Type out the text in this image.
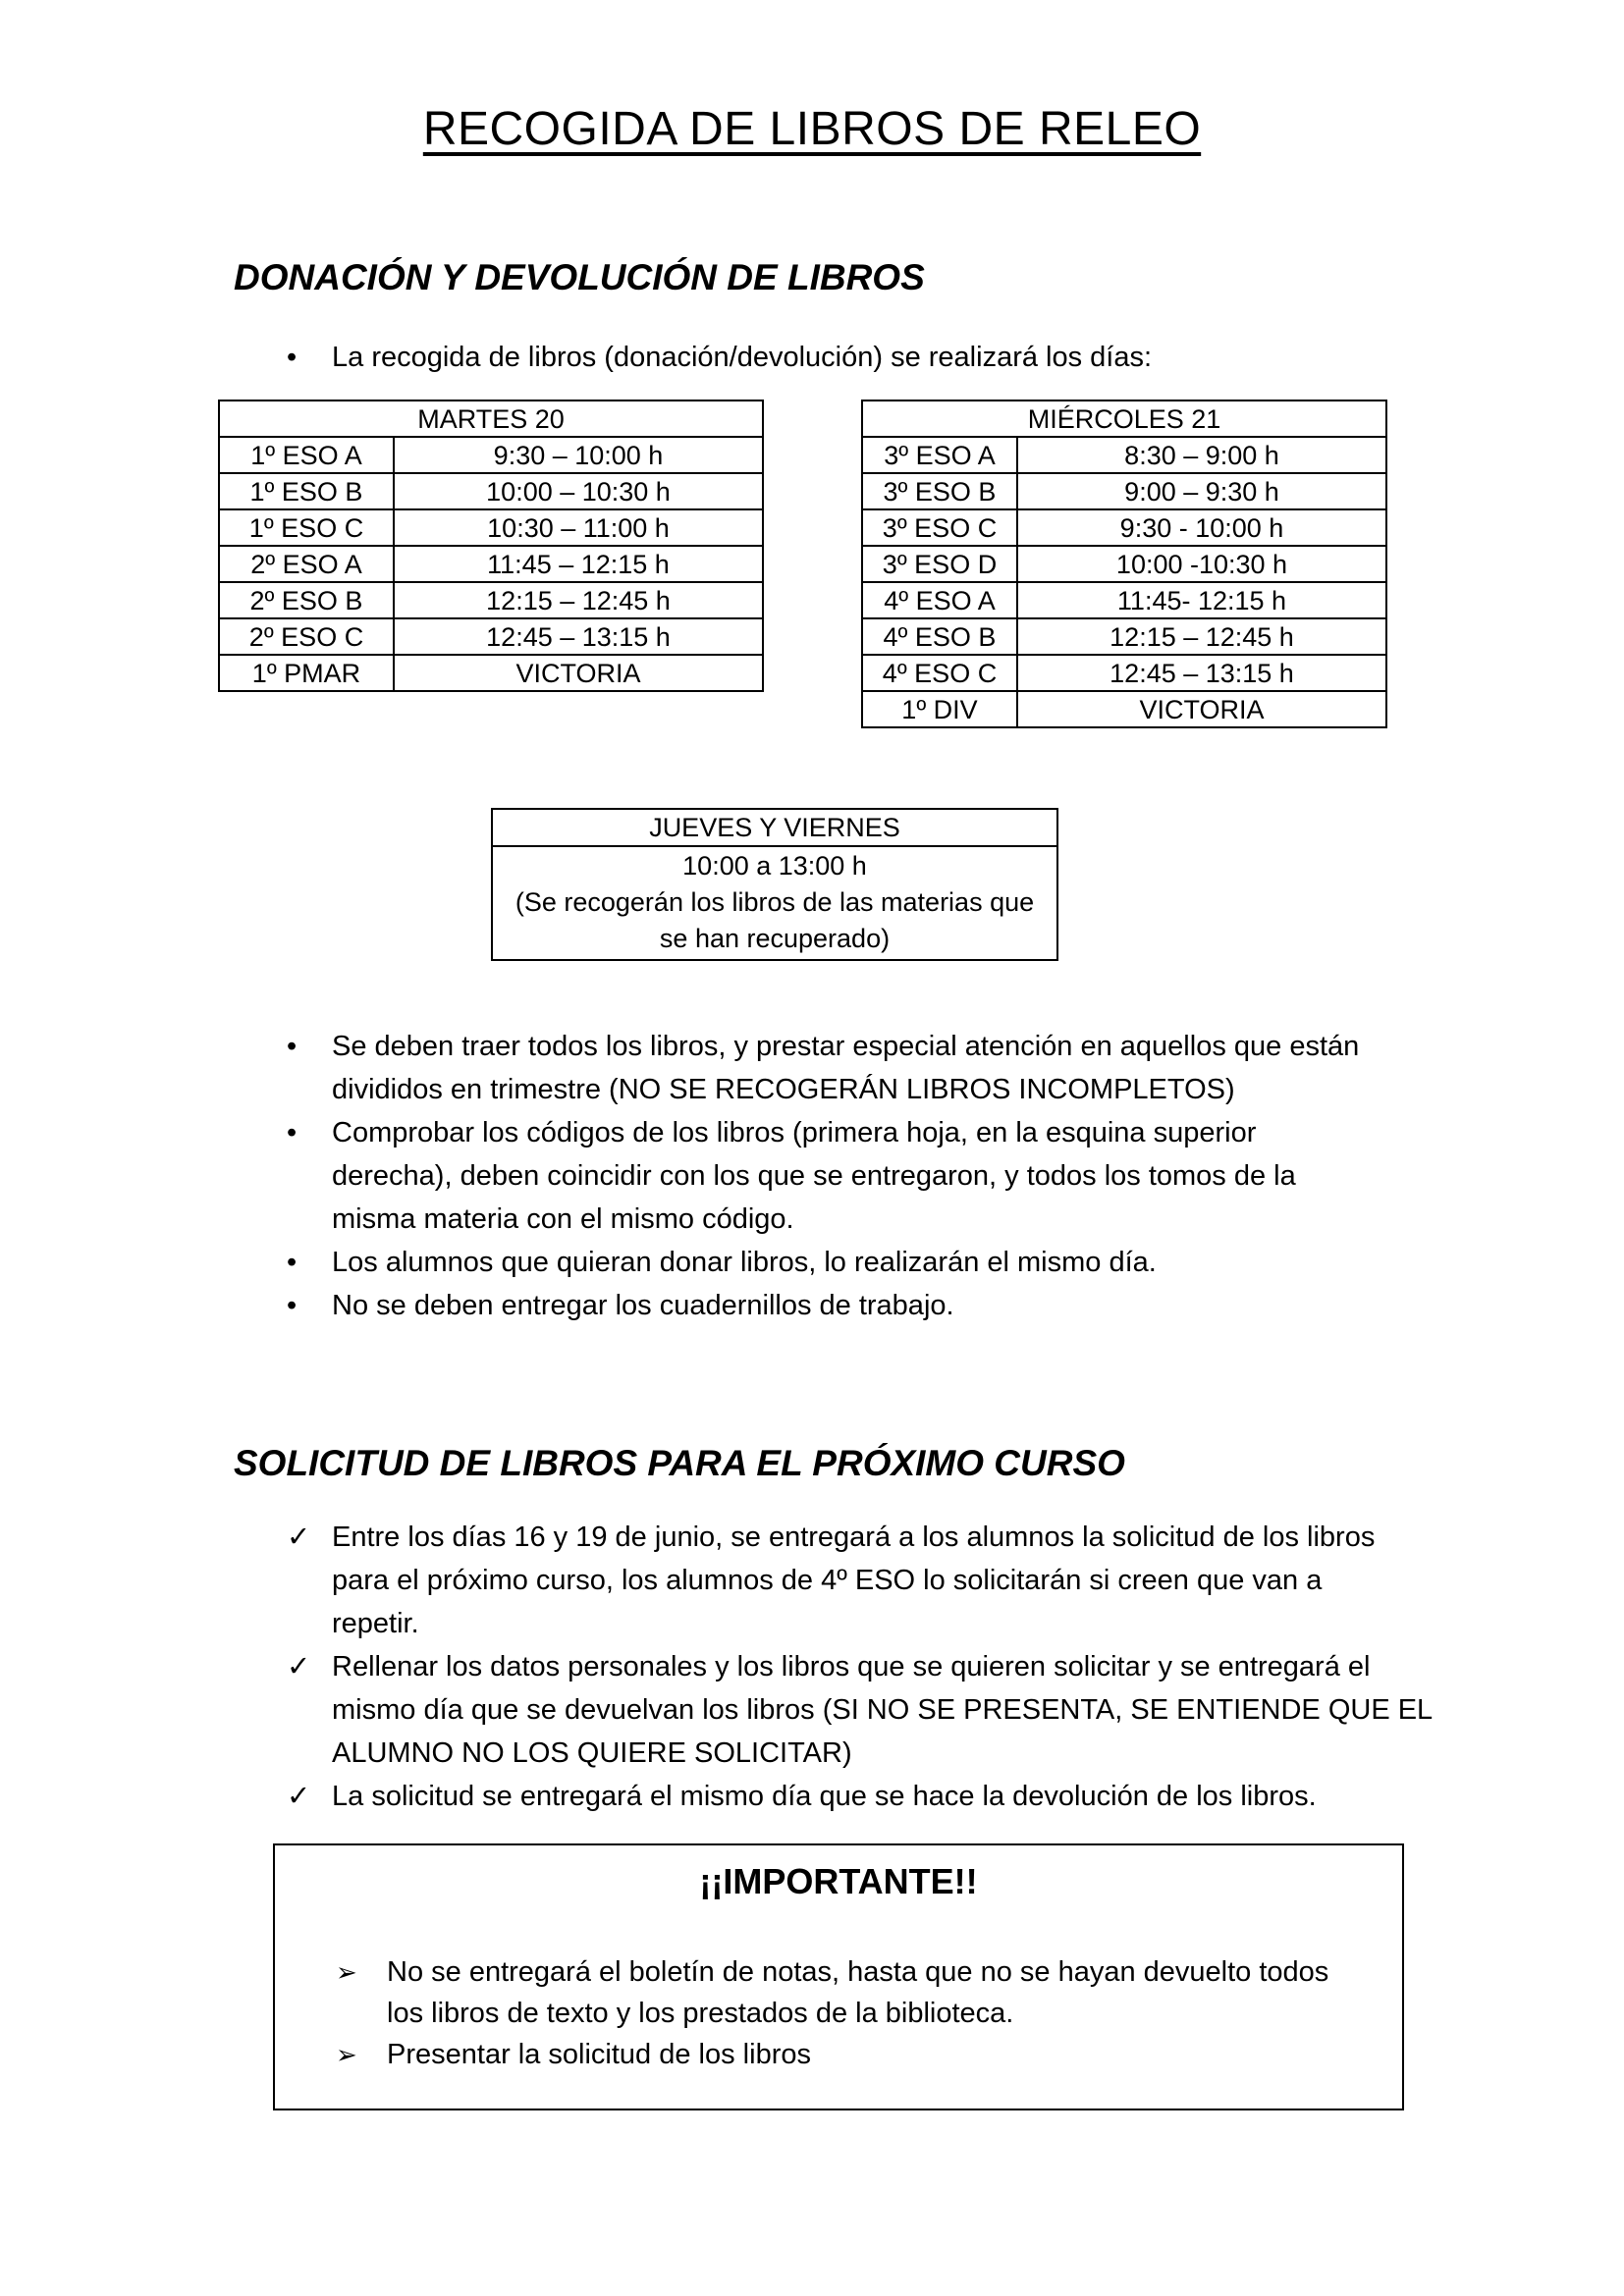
RECOGIDA DE LIBROS DE RELEO
DONACIÓN Y DEVOLUCIÓN DE LIBROS
• La recogida de libros (donación/devolución) se realizará los días:
MARTES 20	
1º ESO A	9:30 – 10:00 h
1º ESO B	10:00 – 10:30 h
1º ESO C	10:30 – 11:00 h
2º ESO A	11:45 – 12:15 h
2º ESO B	12:15 – 12:45 h
2º ESO C	12:45 – 13:15 h
1º PMAR	VICTORIA
MIÉRCOLES 21	
3º ESO A	8:30 – 9:00 h
3º ESO B	9:00 – 9:30 h
3º ESO C	9:30 - 10:00 h
3º ESO D	10:00 -10:30 h
4º ESO A	11:45- 12:15 h
4º ESO B	12:15 – 12:45 h
4º ESO C	12:45 – 13:15 h
1º DIV	VICTORIA
JUEVES Y VIERNES
10:00 a 13:00 h
(Se recogerán los libros de las materias que
se han recuperado)
• Se deben traer todos los libros, y prestar especial atención en aquellos que están
divididos en trimestre (NO SE RECOGERÁN LIBROS INCOMPLETOS)
• Comprobar los códigos de los libros (primera hoja, en la esquina superior
derecha), deben coincidir con los que se entregaron, y todos los tomos de la
misma materia con el mismo código.
• Los alumnos que quieran donar libros, lo realizarán el mismo día.
• No se deben entregar los cuadernillos de trabajo.
SOLICITUD DE LIBROS PARA EL PRÓXIMO CURSO
✓ Entre los días 16 y 19 de junio, se entregará a los alumnos la solicitud de los libros
para el próximo curso, los alumnos de 4º ESO lo solicitarán si creen que van a
repetir.
✓ Rellenar los datos personales y los libros que se quieren solicitar y se entregará el
mismo día que se devuelvan los libros (SI NO SE PRESENTA, SE ENTIENDE QUE EL
ALUMNO NO LOS QUIERE SOLICITAR)
✓ La solicitud se entregará el mismo día que se hace la devolución de los libros.
¡¡IMPORTANTE!!
➢ No se entregará el boletín de notas, hasta que no se hayan devuelto todos
los libros de texto y los prestados de la biblioteca.
➢ Presentar la solicitud de los libros
